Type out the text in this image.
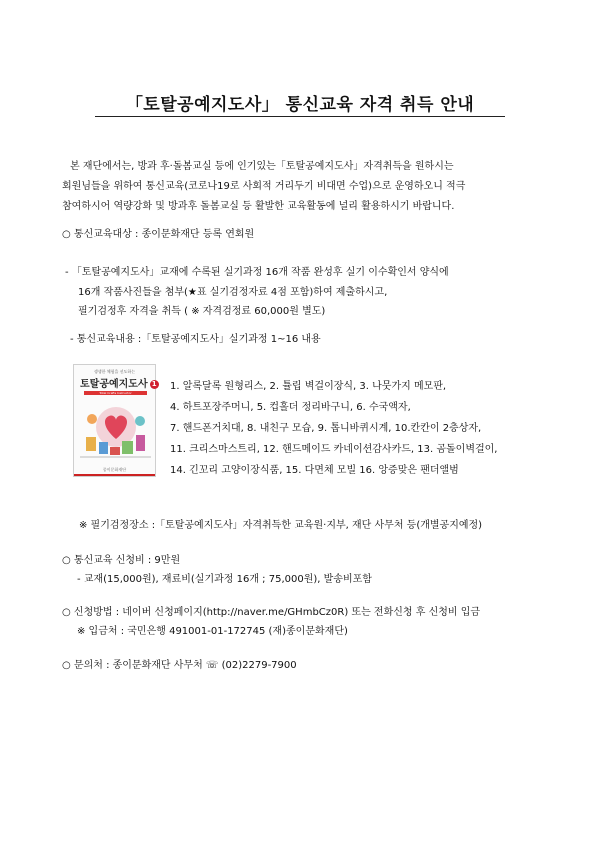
「토탈공예지도사」 통신교육 자격 취득 안내

본 재단에서는, 방과 후·돌봄교실 등에 인기있는「토탈공예지도사」자격취득을 원하시는

회원님들을 위하여 통신교육(코로나19로 사회적 거리두기 비대면 수업)으로 운영하오니 적극

참여하시어 역량강화 및 방과후 돌봄교실 등 활발한 교육활동에 널리 활용하시기 바랍니다.

○ 통신교육대상 : 종이문화재단 등록 연회원
- 「토탈공예지도사」교재에 수록된 실기과정 16개 작품 완성후 실기 이수확인서 양식에
16개 작품사진들을 첨부(★표 실기검정자료 4점 포함)하여 제출하시고,
필기검정후 자격을 취득 ( ※ 자격검정료 60,000원 별도)
- 통신교육내용 :「토탈공예지도사」실기과정 1~16 내용
생생한 체험을 선도하는
토탈공예지도사 1
Total Crafts Instructor
종이문화재단
1. 알록달록 원형리스, 2. 튤립 벽걸이장식, 3. 나뭇가지 메모판,
4. 하트포장주머니, 5. 컵홀더 정리바구니, 6. 수국액자,
7. 핸드폰거치대, 8. 내친구 모습, 9. 톱니바퀴시계, 10.칸칸이 2층상자,
11. 크리스마스트리, 12. 핸드메이드 카네이션감사카드, 13. 곰돌이벽걸이,
14. 긴꼬리 고양이장식품, 15. 다면체 모빌 16. 앙증맞은 팬더앨범
※ 필기검정장소 :「토탈공예지도사」자격취득한 교육원·지부, 재단 사무처 등(개별공지예정)
○ 통신교육 신청비 : 9만원
- 교재(15,000원), 재료비(실기과정 16개 ; 75,000원), 발송비포함
○ 신청방법 : 네이버 신청페이지(http://naver.me/GHmbCz0R) 또는 전화신청 후 신청비 입금
※ 입금처 : 국민은행 491001-01-172745 (재)종이문화재단)
○ 문의처 : 종이문화재단 사무처 ☏ (02)2279-7900
